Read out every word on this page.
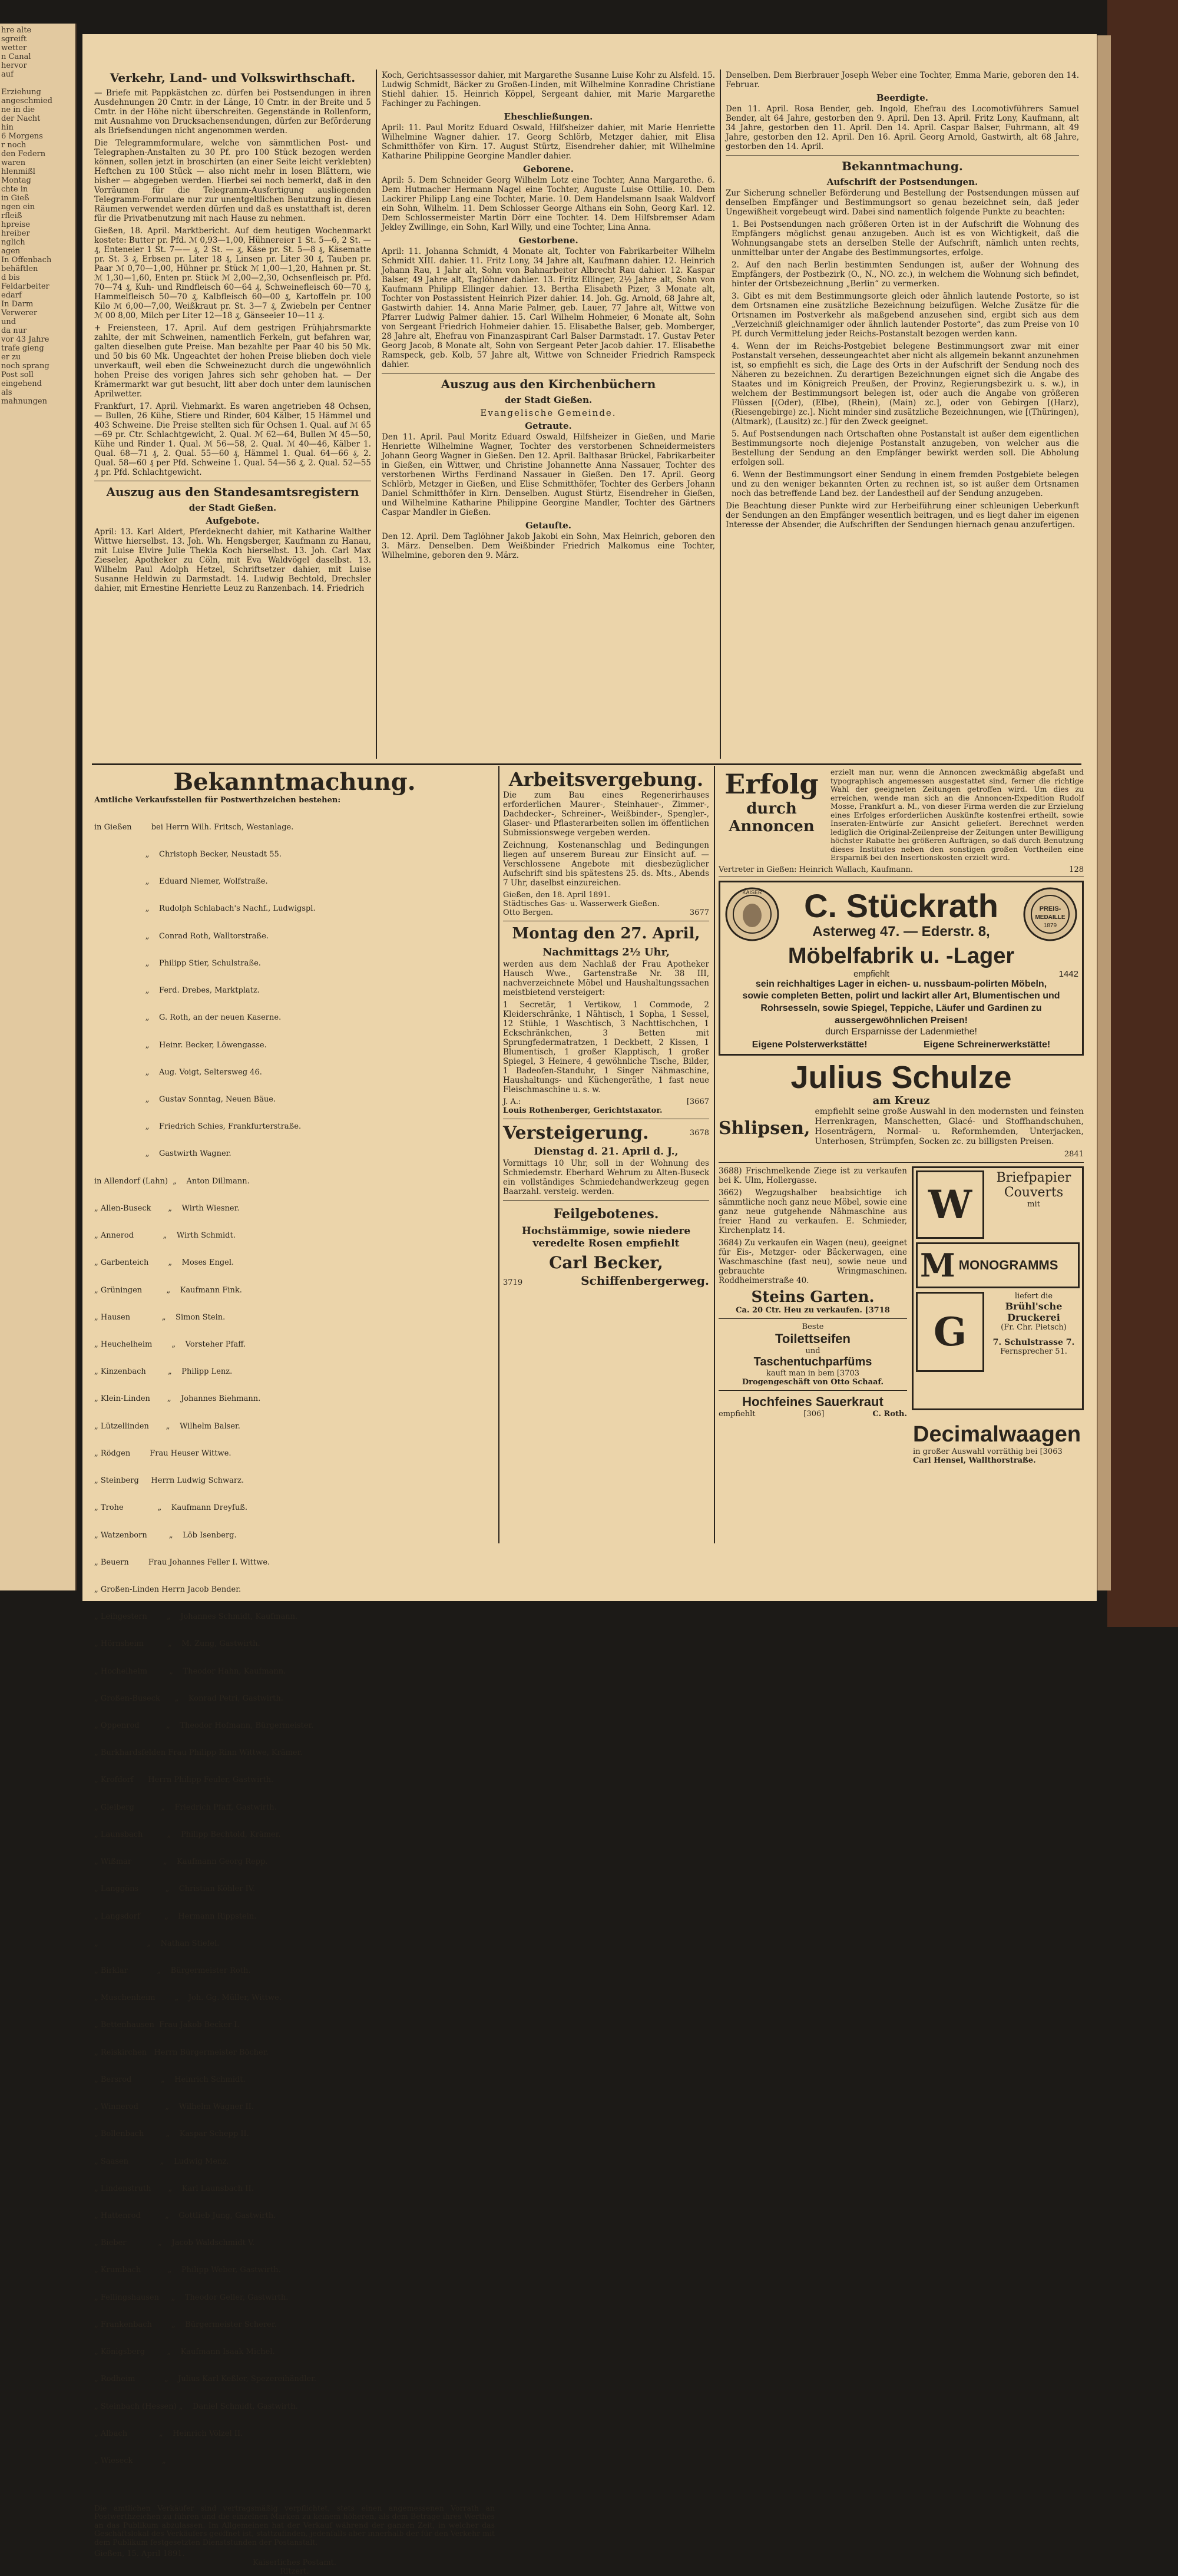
hre alte
sgreift
wetter
n Canal
hervor
auf

Erziehung
angeschmied
ne in die
der Nacht
hin
6 Morgens
r noch
den Federn
waren
hlenmißl
Montag
chte in
in Gieß
ngen ein
rfleiß
hpreise
hreiber
nglich
agen
In Offenbach
behäftlen
d bis
Feldarbeiter
edarf
In Darm
Verwerer
und
da nur
vor 43 Jahre
trafe gieng
er zu
noch sprang
Post soll
eingehend
als
mahnungen
Verkehr, Land- und Volkswirthschaft.
— Briefe mit Pappkästchen zc. dürfen bei Postsendungen in ihren Ausdehnungen 20 Cmtr. in der Länge, 10 Cmtr. in der Breite und 5 Cmtr. in der Höhe nicht überschreiten. Gegenstände in Rollenform, mit Ausnahme von Drucksachensendungen, dürfen zur Beförderung als Briefsendungen nicht angenommen werden.
Die Telegrammformulare, welche von sämmtlichen Post- und Telegraphen-Anstalten zu 30 Pf. pro 100 Stück bezogen werden können, sollen jetzt in broschirten (an einer Seite leicht verklebten) Heftchen zu 100 Stück — also nicht mehr in losen Blättern, wie bisher — abgegeben werden. Hierbei sei noch bemerkt, daß in den Vorräumen für die Telegramm-Ausfertigung ausliegenden Telegramm-Formulare nur zur unentgeltlichen Benutzung in diesen Räumen verwendet werden dürfen und daß es unstatthaft ist, deren für die Privatbenutzung mit nach Hause zu nehmen.
Gießen, 18. April. Marktbericht. Auf dem heutigen Wochenmarkt kostete: Butter pr. Pfd. ℳ 0,93—1,00, Hühnereier 1 St. 5—6, 2 St. — ₰, Enteneier 1 St. 7—— ₰, 2 St. — ₰, Käse pr. St. 5—8 ₰, Käsematte pr. St. 3 ₰, Erbsen pr. Liter 18 ₰, Linsen pr. Liter 30 ₰, Tauben pr. Paar ℳ 0,70—1,00, Hühner pr. Stück ℳ 1,00—1,20, Hahnen pr. St. ℳ 1,30—1,60, Enten pr. Stück ℳ 2,00—2,30, Ochsenfleisch pr. Pfd. 70—74 ₰, Kuh- und Rindfleisch 60—64 ₰, Schweinefleisch 60—70 ₰, Hammelfleisch 50—70 ₰, Kalbfleisch 60—00 ₰, Kartoffeln pr. 100 Kilo ℳ 6,00—7,00, Weißkraut pr. St. 3—7 ₰, Zwiebeln per Centner ℳ 00 8,00, Milch per Liter 12—18 ₰, Gänseeier 10—11 ₰.
+ Freiensteen, 17. April. Auf dem gestrigen Frühjahrsmarkte zahlte, der mit Schweinen, namentlich Ferkeln, gut befahren war, galten dieselben gute Preise. Man bezahlte per Paar 40 bis 50 Mk. und 50 bis 60 Mk. Ungeachtet der hohen Preise blieben doch viele unverkauft, weil eben die Schweinezucht durch die ungewöhnlich hohen Preise des vorigen Jahres sich sehr gehoben hat. — Der Krämermarkt war gut besucht, litt aber doch unter dem launischen Aprilwetter.
Frankfurt, 17. April. Viehmarkt. Es waren angetrieben 48 Ochsen, — Bullen, 26 Kühe, Stiere und Rinder, 604 Kälber, 15 Hämmel und 403 Schweine. Die Preise stellten sich für Ochsen 1. Qual. auf ℳ 65—69 pr. Ctr. Schlachtgewicht, 2. Qual. ℳ 62—64, Bullen ℳ 45—50, Kühe und Rinder 1. Qual. ℳ 56—58, 2. Qual. ℳ 40—46, Kälber 1. Qual. 68—71 ₰, 2. Qual. 55—60 ₰, Hämmel 1. Qual. 64—66 ₰, 2. Qual. 58—60 ₰ per Pfd. Schweine 1. Qual. 54—56 ₰, 2. Qual. 52—55 ₰ pr. Pfd. Schlachtgewicht.
Auszug aus den Standesamtsregistern
der Stadt Gießen.
Aufgebote.
April: 13. Karl Aldert, Pferdeknecht dahier, mit Katharine Walther Wittwe hierselbst. 13. Joh. Wh. Hengsberger, Kaufmann zu Hanau, mit Luise Elvire Julie Thekla Koch hierselbst. 13. Joh. Carl Max Zieseler, Apotheker zu Cöln, mit Eva Waldvögel daselbst. 13. Wilhelm Paul Adolph Hetzel, Schriftsetzer dahier, mit Luise Susanne Heldwin zu Darmstadt. 14. Ludwig Bechtold, Drechsler dahier, mit Ernestine Henriette Leuz zu Ranzenbach. 14. Friedrich
Koch, Gerichtsassessor dahier, mit Margarethe Susanne Luise Kohr zu Alsfeld. 15. Ludwig Schmidt, Bäcker zu Großen-Linden, mit Wilhelmine Konradine Christiane Stiehl dahier. 15. Heinrich Köppel, Sergeant dahier, mit Marie Margarethe Fachinger zu Fachingen.
Eheschließungen.
April: 11. Paul Moritz Eduard Oswald, Hilfsheizer dahier, mit Marie Henriette Wilhelmine Wagner dahier. 17. Georg Schlörb, Metzger dahier, mit Elisa Schmitthöfer von Kirn. 17. August Stürtz, Eisendreher dahier, mit Wilhelmine Katharine Philippine Georgine Mandler dahier.
Geborene.
April: 5. Dem Schneider Georg Wilhelm Lotz eine Tochter, Anna Margarethe. 6. Dem Hutmacher Hermann Nagel eine Tochter, Auguste Luise Ottilie. 10. Dem Lackirer Philipp Lang eine Tochter, Marie. 10. Dem Handelsmann Isaak Waldvorf ein Sohn, Wilhelm. 11. Dem Schlosser George Althans ein Sohn, Georg Karl. 12. Dem Schlossermeister Martin Dörr eine Tochter. 14. Dem Hilfsbremser Adam Jekley Zwillinge, ein Sohn, Karl Willy, und eine Tochter, Lina Anna.
Gestorbene.
April: 11. Johanna Schmidt, 4 Monate alt, Tochter von Fabrikarbeiter Wilhelm Schmidt XIII. dahier. 11. Fritz Lony, 34 Jahre alt, Kaufmann dahier. 12. Heinrich Johann Rau, 1 Jahr alt, Sohn von Bahnarbeiter Albrecht Rau dahier. 12. Kaspar Balser, 49 Jahre alt, Taglöhner dahier. 13. Fritz Ellinger, 2½ Jahre alt, Sohn von Kaufmann Philipp Ellinger dahier. 13. Bertha Elisabeth Pizer, 3 Monate alt, Tochter von Postassistent Heinrich Pizer dahier. 14. Joh. Gg. Arnold, 68 Jahre alt, Gastwirth dahier. 14. Anna Marie Palmer, geb. Lauer, 77 Jahre alt, Wittwe von Pfarrer Ludwig Palmer dahier. 15. Carl Wilhelm Hohmeier, 6 Monate alt, Sohn von Sergeant Friedrich Hohmeier dahier. 15. Elisabethe Balser, geb. Momberger, 28 Jahre alt, Ehefrau von Finanzaspirant Carl Balser Darmstadt. 17. Gustav Peter Georg Jacob, 8 Monate alt, Sohn von Sergeant Peter Jacob dahier. 17. Elisabethe Ramspeck, geb. Kolb, 57 Jahre alt, Wittwe von Schneider Friedrich Ramspeck dahier.
Auszug aus den Kirchenbüchern
der Stadt Gießen.
Evangelische Gemeinde.
Getraute.
Den 11. April. Paul Moritz Eduard Oswald, Hilfsheizer in Gießen, und Marie Henriette Wilhelmine Wagner, Tochter des verstorbenen Schneidermeisters Johann Georg Wagner in Gießen. Den 12. April. Balthasar Brückel, Fabrikarbeiter in Gießen, ein Wittwer, und Christine Johannette Anna Nassauer, Tochter des verstorbenen Wirths Ferdinand Nassauer in Gießen. Den 17. April. Georg Schlörb, Metzger in Gießen, und Elise Schmitthöfer, Tochter des Gerbers Johann Daniel Schmitthöfer in Kirn. Denselben. August Stürtz, Eisendreher in Gießen, und Wilhelmine Katharine Philippine Georgine Mandler, Tochter des Gärtners Caspar Mandler in Gießen.
Getaufte.
Den 12. April. Dem Taglöhner Jakob Jakobi ein Sohn, Max Heinrich, geboren den 3. März. Denselben. Dem Weißbinder Friedrich Malkomus eine Tochter, Wilhelmine, geboren den 9. März.
Denselben. Dem Bierbrauer Joseph Weber eine Tochter, Emma Marie, geboren den 14. Februar.
Beerdigte.
Den 11. April. Rosa Bender, geb. Ingold, Ehefrau des Locomotivführers Samuel Bender, alt 64 Jahre, gestorben den 9. April. Den 13. April. Fritz Lony, Kaufmann, alt 34 Jahre, gestorben den 11. April. Den 14. April. Caspar Balser, Fuhrmann, alt 49 Jahre, gestorben den 12. April. Den 16. April. Georg Arnold, Gastwirth, alt 68 Jahre, gestorben den 14. April.
Bekanntmachung.
Aufschrift der Postsendungen.
Zur Sicherung schneller Beförderung und Bestellung der Postsendungen müssen auf denselben Empfänger und Bestimmungsort so genau bezeichnet sein, daß jeder Ungewißheit vorgebeugt wird. Dabei sind namentlich folgende Punkte zu beachten:
1. Bei Postsendungen nach größeren Orten ist in der Aufschrift die Wohnung des Empfängers möglichst genau anzugeben. Auch ist es von Wichtigkeit, daß die Wohnungsangabe stets an derselben Stelle der Aufschrift, nämlich unten rechts, unmittelbar unter der Angabe des Bestimmungsortes, erfolge.
2. Auf den nach Berlin bestimmten Sendungen ist, außer der Wohnung des Empfängers, der Postbezirk (O., N., NO. zc.), in welchem die Wohnung sich befindet, hinter der Ortsbezeichnung „Berlin“ zu vermerken.
3. Gibt es mit dem Bestimmungsorte gleich oder ähnlich lautende Postorte, so ist dem Ortsnamen eine zusätzliche Bezeichnung beizufügen. Welche Zusätze für die Ortsnamen im Postverkehr als maßgebend anzusehen sind, ergibt sich aus dem „Verzeichniß gleichnamiger oder ähnlich lautender Postorte“, das zum Preise von 10 Pf. durch Vermittelung jeder Reichs-Postanstalt bezogen werden kann.
4. Wenn der im Reichs-Postgebiet belegene Bestimmungsort zwar mit einer Postanstalt versehen, desseungeachtet aber nicht als allgemein bekannt anzunehmen ist, so empfiehlt es sich, die Lage des Orts in der Aufschrift der Sendung noch des Näheren zu bezeichnen. Zu derartigen Bezeichnungen eignet sich die Angabe des Staates und im Königreich Preußen, der Provinz, Regierungsbezirk u. s. w.), in welchem der Bestimmungsort belegen ist, oder auch die Angabe von größeren Flüssen [(Oder), (Elbe), (Rhein), (Main) zc.], oder von Gebirgen [(Harz), (Riesengebirge) zc.]. Nicht minder sind zusätzliche Bezeichnungen, wie [(Thüringen), (Altmark), (Lausitz) zc.] für den Zweck geeignet.
5. Auf Postsendungen nach Ortschaften ohne Postanstalt ist außer dem eigentlichen Bestimmungsorte noch diejenige Postanstalt anzugeben, von welcher aus die Bestellung der Sendung an den Empfänger bewirkt werden soll. Die Abholung erfolgen soll.
6. Wenn der Bestimmungsort einer Sendung in einem fremden Postgebiete belegen und zu den weniger bekannten Orten zu rechnen ist, so ist außer dem Ortsnamen noch das betreffende Land bez. der Landestheil auf der Sendung anzugeben.
Die Beachtung dieser Punkte wird zur Herbeiführung einer schleunigen Ueberkunft der Sendungen an den Empfänger wesentlich beitragen, und es liegt daher im eigenen Interesse der Absender, die Aufschriften der Sendungen hiernach genau anzufertigen.
Bekanntmachung.
Amtliche Verkaufsstellen für Postwerthzeichen bestehen:

in Gießen        bei Herrn Wilh. Fritsch, Westanlage.

„    Christoph Becker, Neustadt 55.

„    Eduard Niemer, Wolfstraße.

„    Rudolph Schlabach's Nachf., Ludwigspl.

„    Conrad Roth, Walltorstraße.

„    Philipp Stier, Schulstraße.

„    Ferd. Drebes, Marktplatz.

„    G. Roth, an der neuen Kaserne.

„    Heinr. Becker, Löwengasse.

„    Aug. Voigt, Seltersweg 46.

„    Gustav Sonntag, Neuen Bäue.

„    Friedrich Schies, Frankfurterstraße.

„    Gastwirth Wagner.

in Allendorf (Lahn)  „    Anton Dillmann.

„ Allen-Buseck       „    Wirth Wiesner.

„ Annerod            „    Wirth Schmidt.

„ Garbenteich        „    Moses Engel.

„ Grüningen          „    Kaufmann Fink.

„ Hausen             „    Simon Stein.

„ Heuchelheim        „    Vorsteher Pfaff.

„ Kinzenbach         „    Philipp Lenz.

„ Klein-Linden       „    Johannes Biehmann.

„ Lützellinden       „    Wilhelm Balser.

„ Rödgen        Frau Heuser Wittwe.

„ Steinberg     Herrn Ludwig Schwarz.

„ Trohe              „    Kaufmann Dreyfuß.

„ Watzenborn         „    Löb Isenberg.

„ Beuern        Frau Johannes Feller I. Wittwe.

„ Großen-Linden Herrn Jacob Bender.

„ Leihgestern        „    Johannes Schmidt, Kaufmann.

„ Hörnsheim          „    M. Zung, Gastwirth.

„ Hochelheim         „    Theodor Hahn, Kaufmann.

„ Großen-Buseck      „    Konrad Petri, Gastwirth.

„ Oppenrod           „    Theodor Hofmann, Bürgermeister.

„ Burkhardsfelden Frau Philipp Rinn Wittwe, Krämer.

„ Krofdorf      Herrn Philipp Feuler, Gastwirth.

„ Gleiberg           „    Friedrich Pfaff, Gastwirth.

„ Launsbach          „    Philipp Bechtold, Krämer.

„ Wißmar             „    Kaufmann Georg Repp.

„ Langgöns           „    Christian Köhler IV.

„ Langsdorf          „    Hermann Rippstein.

„                    „    Nathan Stiefel.

„ Birklar            „    Bürgermeister Roth.

„ Muschenheim        „    Joh. Gg. Müller, Wittwe.

„ Bettenhausen  Frau Jakob Becker I.

„ Reiskirchen   Herrn Bürgermeister Böcher.

„ Bersrod            „    Heinrich Schmidt.

„ Winnerod           „    Wilhelm Wagner II.

„ Bollenbach         „    Kaspar Schepp II.

„ Saasen             „    Ludwig Menz.

„ Lindenstruth       „    Karl Launsbach II.

„ Hattenrod          „    Gottlieb Jung, Gastwirth.

„ Bieber             „    Jacob Waldschmidt V.

„ Krumbach           „    Philipp Weber, Gastwirth.

„ Fellingshausen     „    Theodor Geller, Gastwirth.

„ Frankenbach        „    Bürgermeister Scherer.

„ Königsberg         „    Kaufmann Isaak Michel.

„ Rodheim            „    Julius Karl Keßler, Spezereihändler.

„ Steinbach (Hessen) „    Daniel Schmidt, Gastwirth.

„ Albach             „    Heinrich Völzel II.

„ Wieseck            „

Die amtlichen Verkäufer sind vertragsmäßig verpflichtet, stets einen angemessenen Vorrath an Postwerthzeichen zu führen und die einzelnen Marken zu keinem höheren, als dem Betrage ihres Werthes an das Publikum abzulassen. Im Allgemeinen hat der Verkauf während der ganzen Zeit, in welcher das Geschäftslokal des Verkäufers geöffnet ist, stattzufinden, jedenfalls aber innerhalb der für den Verkehr mit dem Publikum festgesetzten Dienststunden der Postanstalt.
Gießen, 15. April 1891.
Kaiserliches Postamt.
Ritzert.
Arbeitsvergebung.
Die zum Bau eines Regenerirhauses erforderlichen Maurer-, Steinhauer-, Zimmer-, Dachdecker-, Schreiner-, Weißbinder-, Spengler-, Glaser- und Pflasterarbeiten sollen im öffentlichen Submissionswege vergeben werden.
Zeichnung, Kostenanschlag und Bedingungen liegen auf unserem Bureau zur Einsicht auf. — Verschlossene Angebote mit diesbezüglicher Aufschrift sind bis spätestens 25. ds. Mts., Abends 7 Uhr, daselbst einzureichen.
Gießen, den 18. April 1891.
Städtisches Gas- u. Wasserwerk Gießen.
Otto Bergen.	3677
Montag den 27. April,
Nachmittags 2½ Uhr,
werden aus dem Nachlaß der Frau Apotheker Hausch Wwe., Gartenstraße Nr. 38 III, nachverzeichnete Möbel und Haushaltungssachen meistbietend versteigert:
1 Secretär, 1 Vertikow, 1 Commode, 2 Kleiderschränke, 1 Nähtisch, 1 Sopha, 1 Sessel, 12 Stühle, 1 Waschtisch, 3 Nachttischchen, 1 Eckschränkchen, 3 Betten mit Sprungfedermatratzen, 1 Deckbett, 2 Kissen, 1 Blumentisch, 1 großer Klapptisch, 1 großer Spiegel, 3 Heinere, 4 gewöhnliche Tische, Bilder, 1 Badeofen-Standuhr, 1 Singer Nähmaschine, Haushaltungs- und Küchengeräthe, 1 fast neue Fleischmaschine u. s. w.
J. A.:	[3667
Louis Rothenberger, Gerichtstaxator.
Versteigerung.	3678
Dienstag d. 21. April d. J.,
Vormittags 10 Uhr, soll in der Wohnung des Schmiedemstr. Eberhard Wehrum zu Alten-Buseck ein vollständiges Schmiedehandwerkzeug gegen Baarzahl. versteig. werden.
Feilgebotenes.
Hochstämmige, sowie niedere veredelte Rosen empfiehlt
Carl Becker,
3719	Schiffenbergerweg.
Erfolg
durch Annoncen
erzielt man nur, wenn die Annoncen zweckmäßig abgefaßt und typographisch angemessen ausgestattet sind, ferner die richtige Wahl der geeigneten Zeitungen getroffen wird. Um dies zu erreichen, wende man sich an die Annoncen-Expedition Rudolf Mosse, Frankfurt a. M., von dieser Firma werden die zur Erzielung eines Erfolges erforderlichen Auskünfte kostenfrei ertheilt, sowie Inseraten-Entwürfe zur Ansicht geliefert. Berechnet werden lediglich die Original-Zeilenpreise der Zeitungen unter Bewilligung höchster Rabatte bei größeren Aufträgen, so daß durch Benutzung dieses Institutes neben den sonstigen großen Vortheilen eine Ersparniß bei den Insertionskosten erzielt wird.
Vertreter in Gießen: Heinrich Wallach, Kaufmann.	128
KAISER C. Stückrath
Asterweg 47. — Ederstr. 8,
PREIS-
MEDAILLE
1879
Möbelfabrik u. -Lager
empfiehlt	1442
sein reichhaltiges Lager in eichen- u. nussbaum-polirten Möbeln,
sowie completen Betten, polirt und lackirt aller Art, Blumentischen und Rohrsesseln, sowie Spiegel, Teppiche, Läufer und Gardinen zu aussergewöhnlichen Preisen!
durch Ersparnisse der Ladenmiethe!
Eigene Polsterwerkstätte!	Eigene Schreinerwerkstätte!
Julius Schulze
am Kreuz
Shlipsen,
empfiehlt seine große Auswahl in den modernsten und feinsten Herrenkragen, Manschetten, Glacé- und Stoffhandschuhen, Hosenträgern, Normal- u. Reformhemden, Unterjacken, Unterhosen, Strümpfen, Socken zc. zu billigsten Preisen.
2841
3688) Frischmelkende Ziege ist zu verkaufen bei K. Ulm, Hollergasse.
3662) Wegzugshalber beabsichtige ich sämmtliche noch ganz neue Möbel, sowie eine ganz neue gutgehende Nähmaschine aus freier Hand zu verkaufen. E. Schmieder, Kirchenplatz 14.
3684) Zu verkaufen ein Wagen (neu), geeignet für Eis-, Metzger- oder Bäckerwagen, eine Waschmaschine (fast neu), sowie neue und gebrauchte Wringmaschinen. Roddheimerstraße 40.
Steins Garten.
Ca. 20 Ctr. Heu zu verkaufen. [3718
Beste
Toilettseifen
und
Taschentuchparfüms
kauft man in bem [3703
Drogengeschäft von Otto Schaaf.
Hochfeines Sauerkraut
empfiehlt	[306]	C. Roth.
W
Briefpapier
Couverts
mit
M MONOGRAMMS
G
liefert die
Brühl'sche Druckerei
(Fr. Chr. Pietsch)
7. Schulstrasse 7.
Fernsprecher 51.
Decimalwaagen
in großer Auswahl vorräthig bei [3063
Carl Hensel, Wallthorstraße.
